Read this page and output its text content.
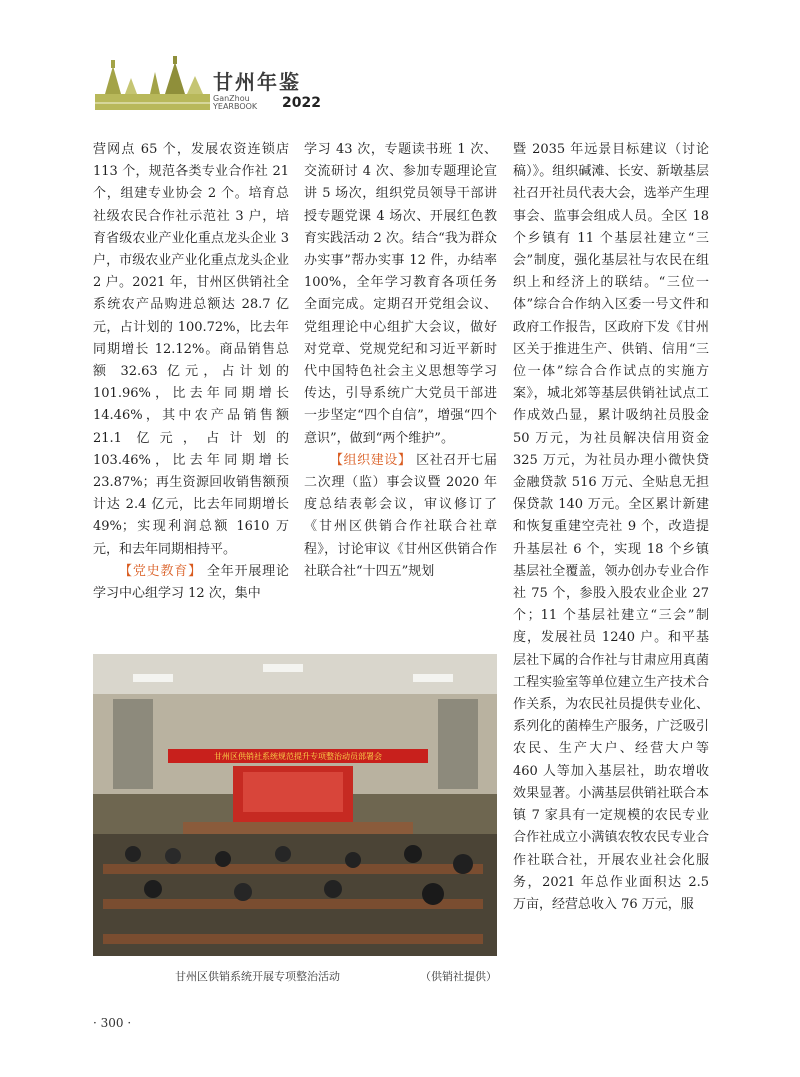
甘州年鉴
GanZhou
YEARBOOK 2022

营网点 65 个，发展农资连锁店 113 个，规范各类专业合作社 21 个，组建专业协会 2 个。培育总社级农民合作社示范社 3 户，培育省级农业产业化重点龙头企业 3 户，市级农业产业化重点龙头企业 2 户。2021 年，甘州区供销社全系统农产品购进总额达 28.7 亿元，占计划的 100.72%，比去年同期增长 12.12%。商品销售总额 32.63 亿元，占计划的 101.96%，比去年同期增长 14.46%，其中农产品销售额 21.1 亿元，占计划的 103.46%，比去年同期增长 23.87%；再生资源回收销售额预计达 2.4 亿元，比去年同期增长 49%；实现利润总额 1610 万元，和去年同期相持平。

【党史教育】 全年开展理论学习中心组学习 12 次，集中

学习 43 次，专题读书班 1 次、交流研讨 4 次、参加专题理论宣讲 5 场次，组织党员领导干部讲授专题党课 4 场次、开展红色教育实践活动 2 次。结合“我为群众办实事”帮办实事 12 件，办结率 100%，全年学习教育各项任务全面完成。定期召开党组会议、党组理论中心组扩大会议，做好对党章、党规党纪和习近平新时代中国特色社会主义思想等学习传达，引导系统广大党员干部进一步坚定“四个自信”，增强“四个意识”，做到“两个维护”。

【组织建设】 区社召开七届二次理（监）事会议暨 2020 年度总结表彰会议，审议修订了《甘州区供销合作社联合社章程》，讨论审议《甘州区供销合作社联合社“十四五”规划

暨 2035 年远景目标建议（讨论稿）》。组织碱滩、长安、新墩基层社召开社员代表大会，选举产生理事会、监事会组成人员。全区 18 个乡镇有 11 个基层社建立“三会”制度，强化基层社与农民在组织上和经济上的联结。“三位一体”综合合作纳入区委一号文件和政府工作报告，区政府下发《甘州区关于推进生产、供销、信用“三位一体”综合合作试点的实施方案》，城北郊等基层供销社试点工作成效凸显，累计吸纳社员股金 50 万元，为社员解决信用资金 325 万元，为社员办理小微快贷金融贷款 516 万元、全贴息无担保贷款 140 万元。全区累计新建和恢复重建空壳社 9 个，改造提升基层社 6 个，实现 18 个乡镇基层社全覆盖，领办创办专业合作社 75 个，参股入股农业企业 27 个；11 个基层社建立“三会”制度，发展社员 1240 户。和平基层社下属的合作社与甘肃应用真菌工程实验室等单位建立生产技术合作关系，为农民社员提供专业化、系列化的菌棒生产服务，广泛吸引农民、生产大户、经营大户等 460 人等加入基层社，助农增收效果显著。小满基层供销社联合本镇 7 家具有一定规模的农民专业合作社成立小满镇农牧农民专业合作社联合社，开展农业社会化服务，2021 年总作业面积达 2.5 万亩，经营总收入 76 万元，服

甘州区供销社系统规范提升专项整治动员部署会
甘州区供销系统开展专项整治活动	（供销社提供）
· 300 ·
